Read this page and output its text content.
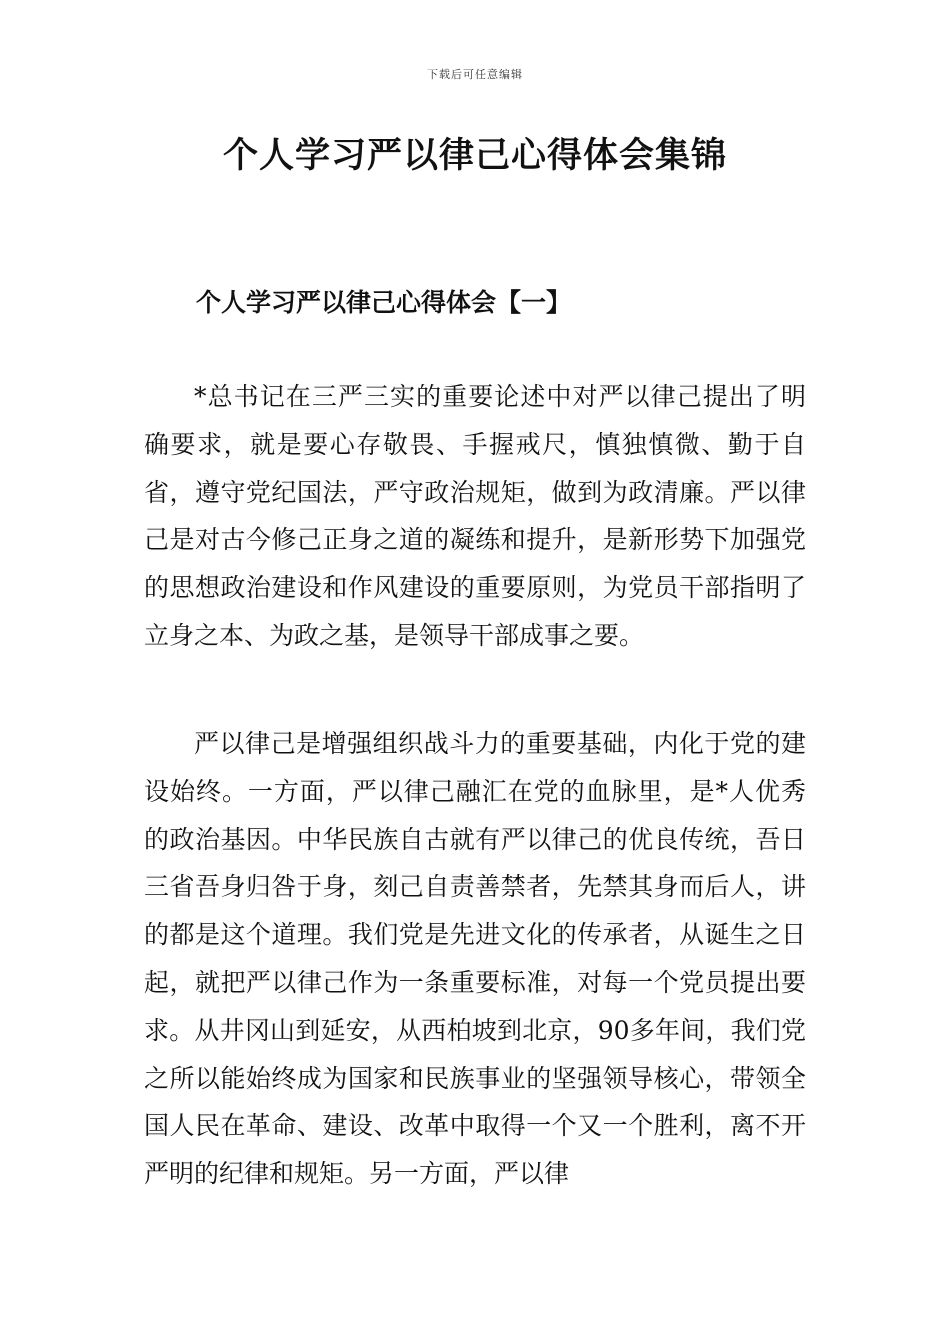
下载后可任意编辑
个人学习严以律己心得体会集锦
个人学习严以律己心得体会【一】

*总书记在三严三实的重要论述中对严以律己提出了明确要求，就是要心存敬畏、手握戒尺，慎独慎微、勤于自省，遵守党纪国法，严守政治规矩，做到为政清廉。严以律己是对古今修己正身之道的凝练和提升，是新形势下加强党的思想政治建设和作风建设的重要原则，为党员干部指明了立身之本、为政之基，是领导干部成事之要。

严以律己是增强组织战斗力的重要基础，内化于党的建设始终。一方面，严以律己融汇在党的血脉里，是*人优秀的政治基因。中华民族自古就有严以律己的优良传统，吾日三省吾身归咎于身，刻己自责善禁者，先禁其身而后人，讲的都是这个道理。我们党是先进文化的传承者，从诞生之日起，就把严以律己作为一条重要标准，对每一个党员提出要求。从井冈山到延安，从西柏坡到北京，90多年间，我们党之所以能始终成为国家和民族事业的坚强领导核心，带领全国人民在革命、建设、改革中取得一个又一个胜利，离不开严明的纪律和规矩。另一方面，严以律
